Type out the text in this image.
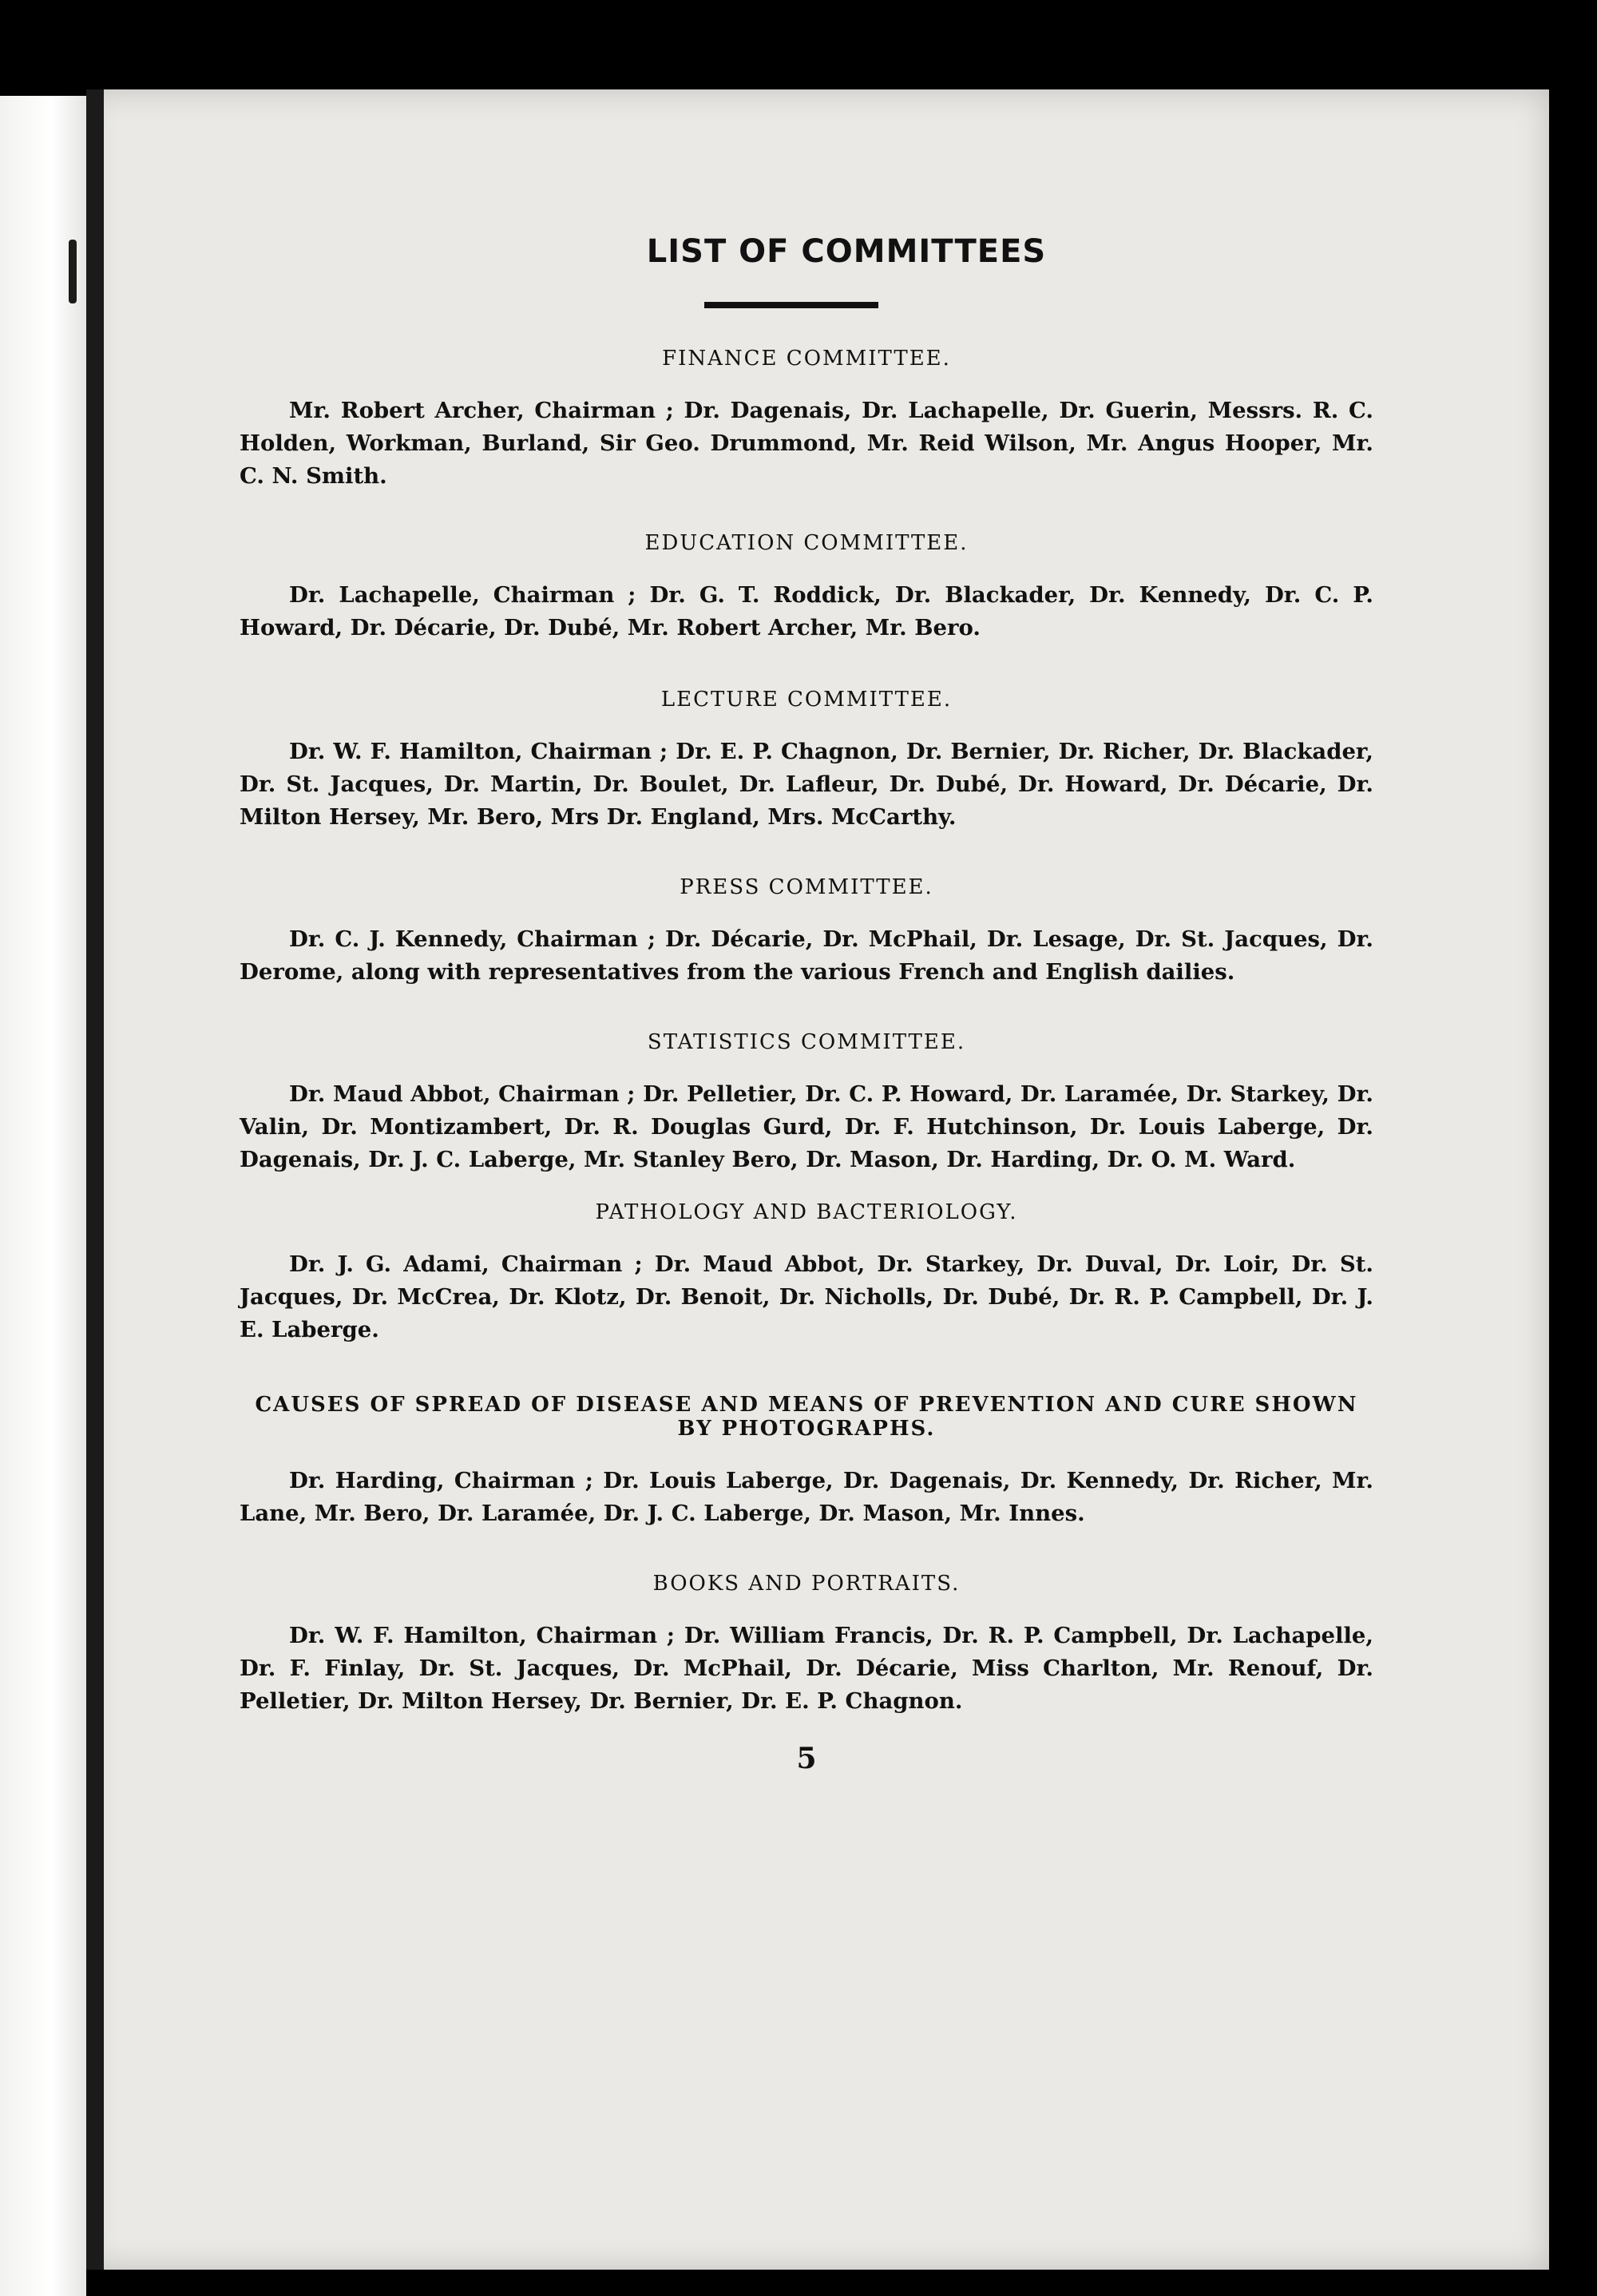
LIST OF COMMITTEES
FINANCE COMMITTEE.

Mr. Robert Archer, Chairman ; Dr. Dagenais, Dr. Lachapelle, Dr. Guerin, Messrs. R. C. Holden, Workman, Burland, Sir Geo. Drummond, Mr. Reid Wilson, Mr. Angus Hooper, Mr. C. N. Smith.

EDUCATION COMMITTEE.

Dr. Lachapelle, Chairman ; Dr. G. T. Roddick, Dr. Blackader, Dr. Kennedy, Dr. C. P. Howard, Dr. Décarie, Dr. Dubé, Mr. Robert Archer, Mr. Bero.

LECTURE COMMITTEE.

Dr. W. F. Hamilton, Chairman ; Dr. E. P. Chagnon, Dr. Bernier, Dr. Richer, Dr. Blackader, Dr. St. Jacques, Dr. Martin, Dr. Boulet, Dr. Lafleur, Dr. Dubé, Dr. Howard, Dr. Décarie, Dr. Milton Hersey, Mr. Bero, Mrs Dr. England, Mrs. McCarthy.

PRESS COMMITTEE.

Dr. C. J. Kennedy, Chairman ; Dr. Décarie, Dr. McPhail, Dr. Lesage, Dr. St. Jacques, Dr. Derome, along with representatives from the various French and English dailies.

STATISTICS COMMITTEE.

Dr. Maud Abbot, Chairman ; Dr. Pelletier, Dr. C. P. Howard, Dr. Laramée, Dr. Starkey, Dr. Valin, Dr. Montizambert, Dr. R. Douglas Gurd, Dr. F. Hutchinson, Dr. Louis Laberge, Dr. Dagenais, Dr. J. C. Laberge, Mr. Stanley Bero, Dr. Mason, Dr. Harding, Dr. O. M. Ward.

PATHOLOGY AND BACTERIOLOGY.

Dr. J. G. Adami, Chairman ; Dr. Maud Abbot, Dr. Starkey, Dr. Duval, Dr. Loir, Dr. St. Jacques, Dr. McCrea, Dr. Klotz, Dr. Benoit, Dr. Nicholls, Dr. Dubé, Dr. R. P. Campbell, Dr. J. E. Laberge.

CAUSES OF SPREAD OF DISEASE AND MEANS OF PREVENTION AND CURE SHOWN BY PHOTOGRAPHS.

Dr. Harding, Chairman ; Dr. Louis Laberge, Dr. Dagenais, Dr. Kennedy, Dr. Richer, Mr. Lane, Mr. Bero, Dr. Laramée, Dr. J. C. Laberge, Dr. Mason, Mr. Innes.

BOOKS AND PORTRAITS.

Dr. W. F. Hamilton, Chairman ; Dr. William Francis, Dr. R. P. Campbell, Dr. Lachapelle, Dr. F. Finlay, Dr. St. Jacques, Dr. McPhail, Dr. Décarie, Miss Charlton, Mr. Renouf, Dr. Pelletier, Dr. Milton Hersey, Dr. Bernier, Dr. E. P. Chagnon.

5
